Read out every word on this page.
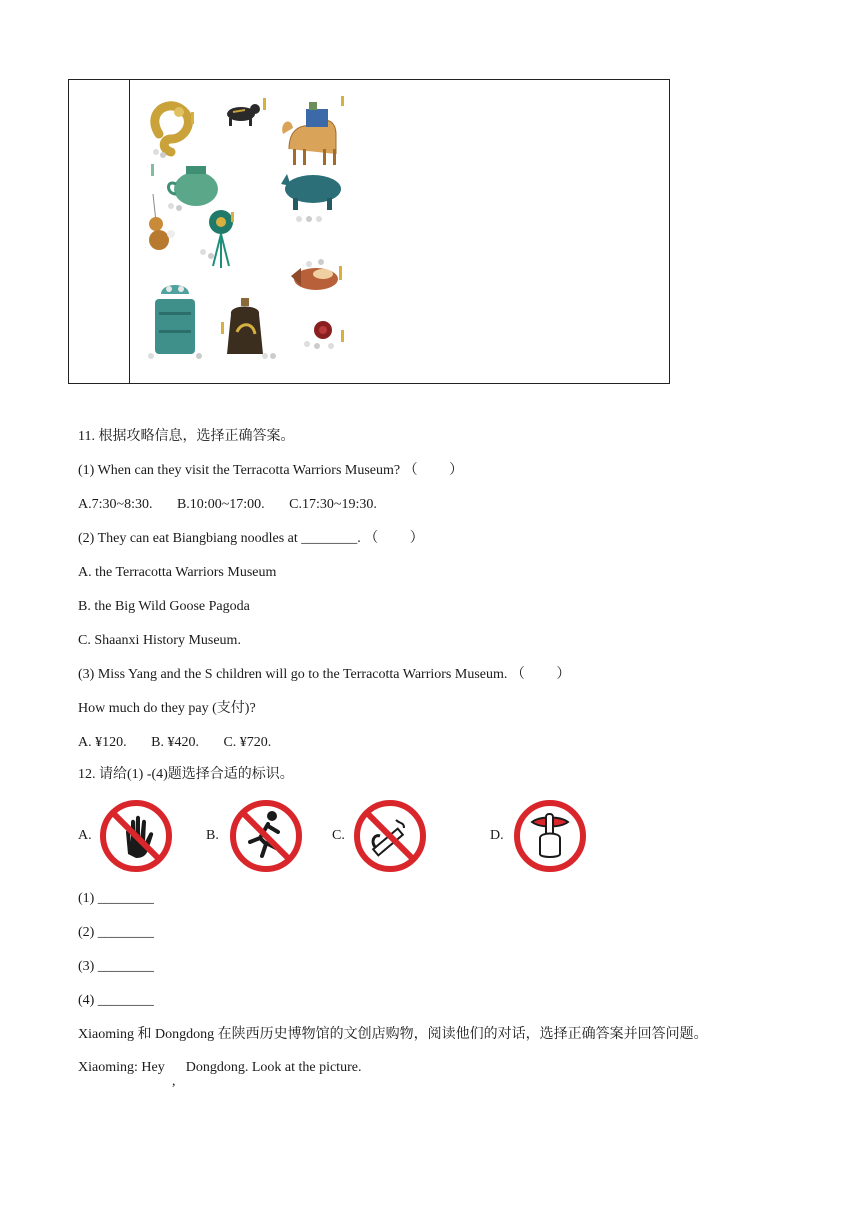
11. 根据攻略信息，选择正确答案。
(1) When can they visit the Terracotta Warriors Museum? （         ）
A.7:30~8:30.       B.10:00~17:00.       C.17:30~19:30.
(2) They can eat Biangbiang noodles at ________. （         ）
A. the Terracotta Warriors Museum
B. the Big Wild Goose Pagoda
C. Shaanxi History Museum.
(3) Miss Yang and the S children will go to the Terracotta Warriors Museum. （         ）
How much do they pay (支付)?
A. ¥120.       B. ¥420.       C. ¥720.
12. 请给(1) -(4)题选择合适的标识。
A.	B.	C.	D.
(1) ________
(2) ________
(3) ________
(4) ________
Xiaoming 和 Dongdong 在陕西历史博物馆的文创店购物，阅读他们的对话，选择正确答案并回答问题。
Xiaoming: Hey      Dongdong. Look at the picture.
,
